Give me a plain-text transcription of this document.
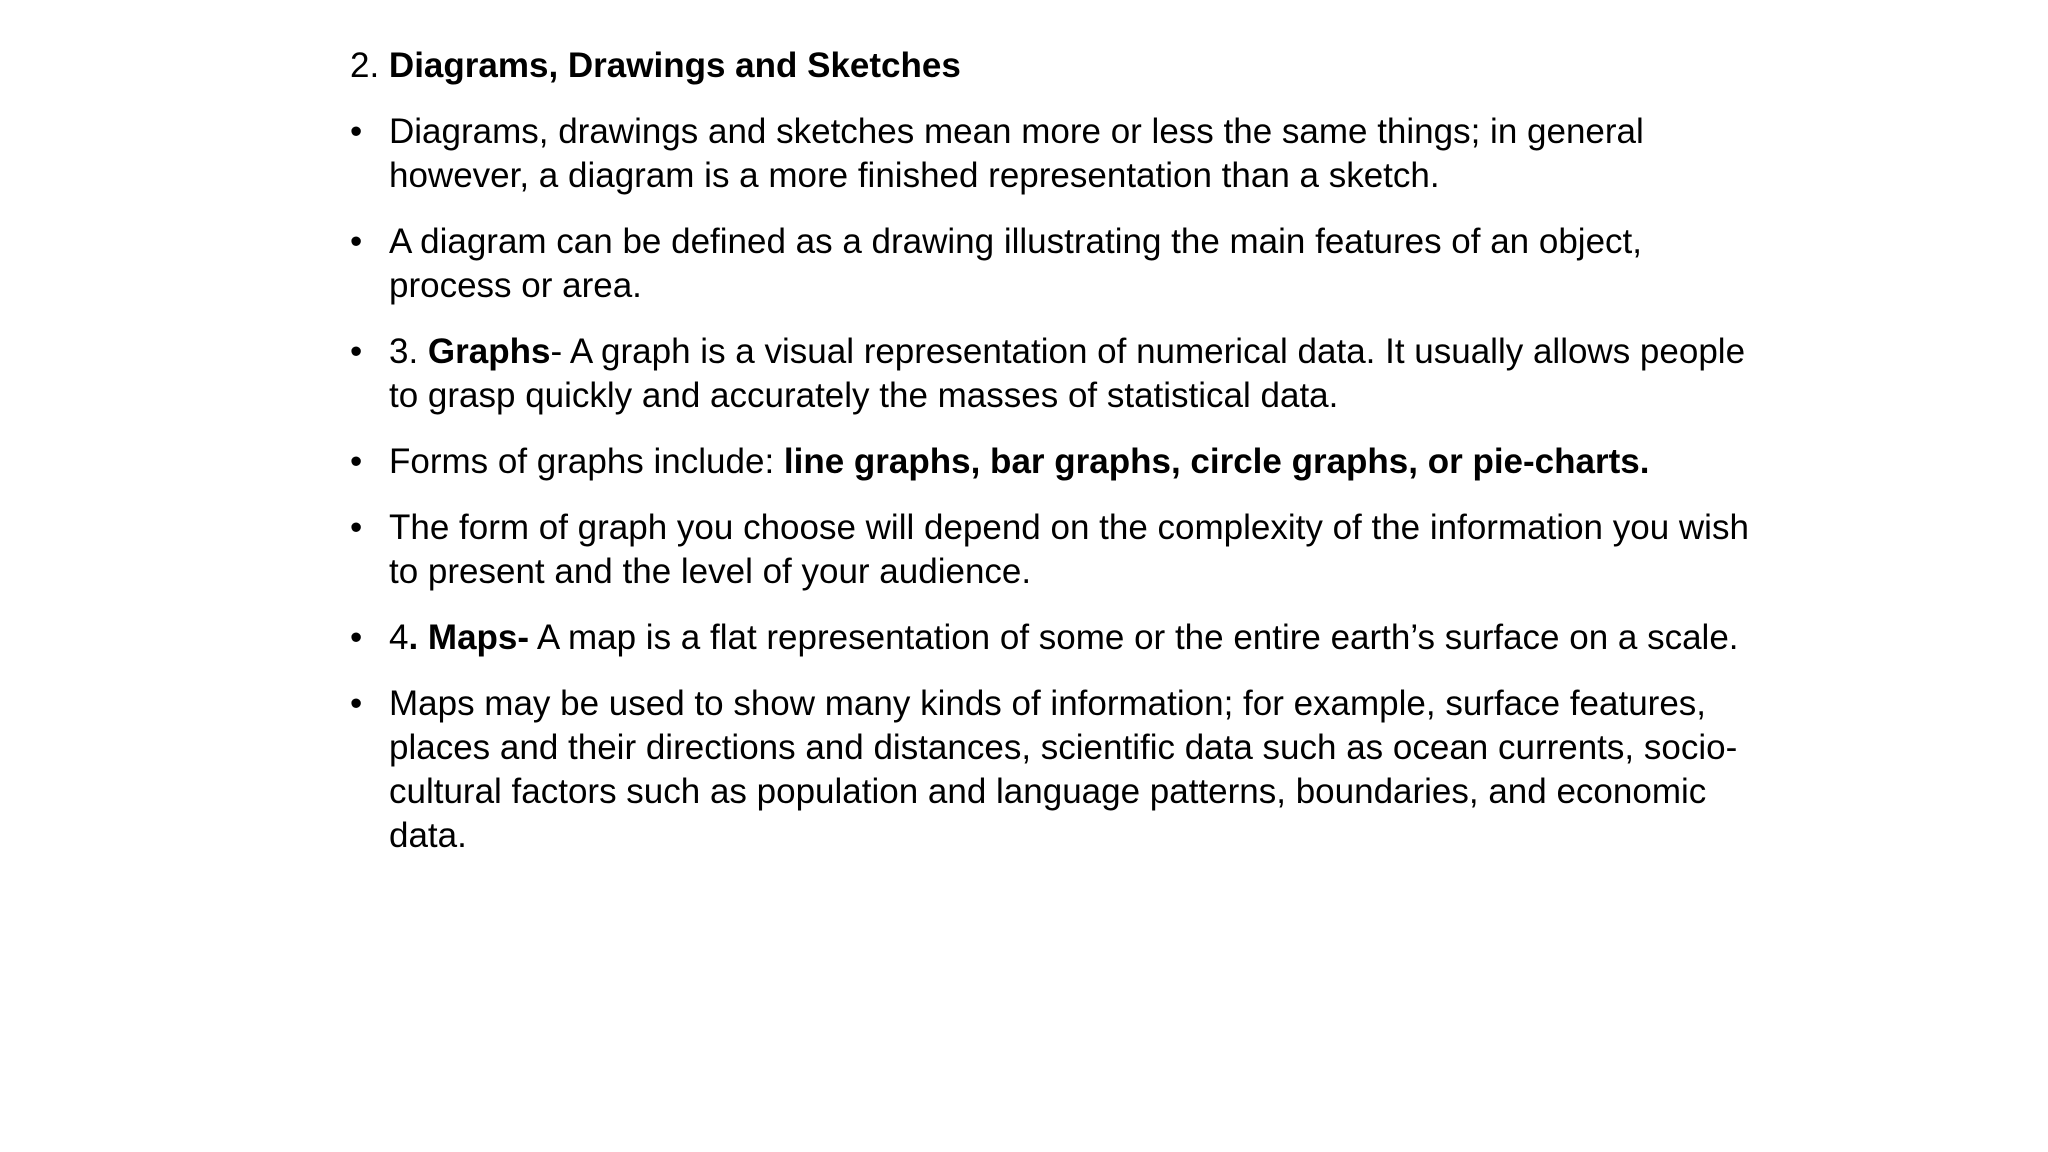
2. Diagrams, Drawings and Sketches
• Diagrams, drawings and sketches mean more or less the same things; in general however, a diagram is a more finished representation than a sketch.
• A diagram can be defined as a drawing illustrating the main features of an object, process or area.
• 3. Graphs- A graph is a visual representation of numerical data. It usually allows people to grasp quickly and accurately the masses of statistical data.
• Forms of graphs include: line graphs, bar graphs, circle graphs, or pie-charts.
• The form of graph you choose will depend on the complexity of the information you wish to present and the level of your audience.
• 4. Maps- A map is a flat representation of some or the entire earth’s surface on a scale.
• Maps may be used to show many kinds of information; for example, surface features, places and their directions and distances, scientific data such as ocean currents, socio-cultural factors such as population and language patterns, boundaries, and economic data.
